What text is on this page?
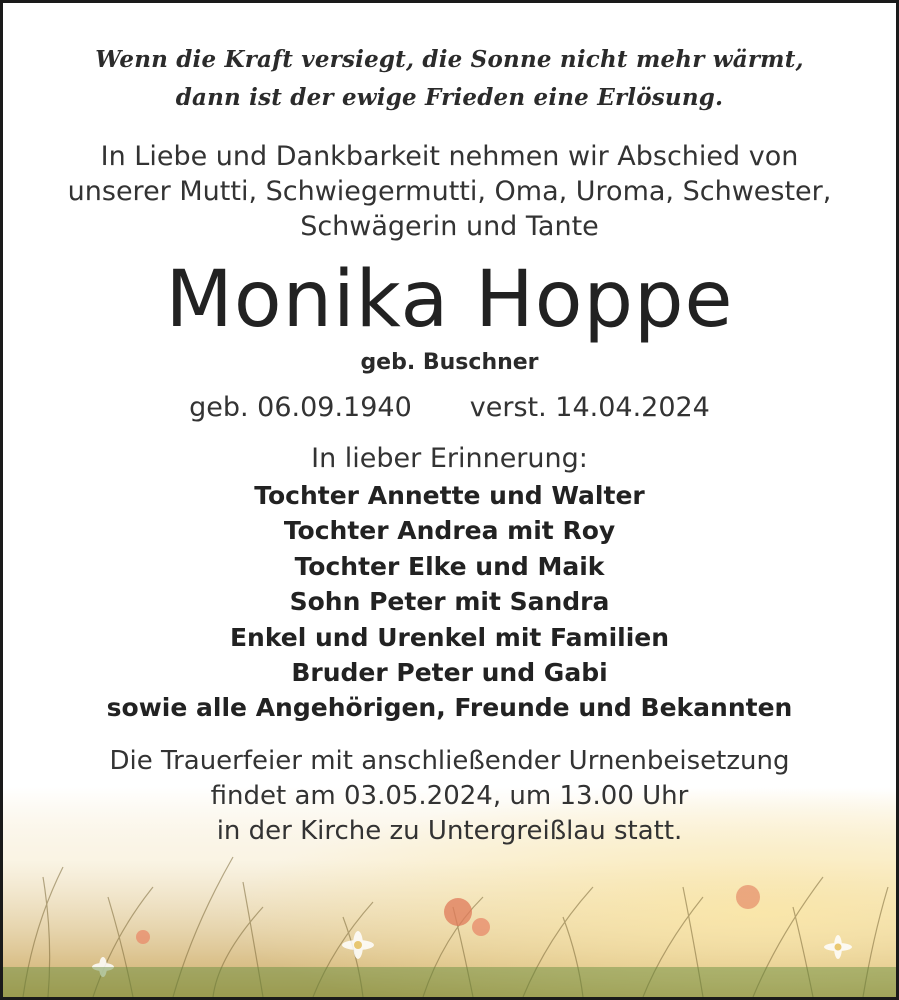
Wenn die Kraft versiegt, die Sonne nicht mehr wärmt,
dann ist der ewige Frieden eine Erlösung.
In Liebe und Dankbarkeit nehmen wir Abschied von
unserer Mutti, Schwiegermutti, Oma, Uroma, Schwester,
Schwägerin und Tante
Monika Hoppe
geb. Buschner
geb. 06.09.1940 verst. 14.04.2024
In lieber Erinnerung:
Tochter Annette und Walter
Tochter Andrea mit Roy
Tochter Elke und Maik
Sohn Peter mit Sandra
Enkel und Urenkel mit Familien
Bruder Peter und Gabi
sowie alle Angehörigen, Freunde und Bekannten
Die Trauerfeier mit anschließender Urnenbeisetzung
findet am 03.05.2024, um 13.00 Uhr
in der Kirche zu Untergreißlau statt.
